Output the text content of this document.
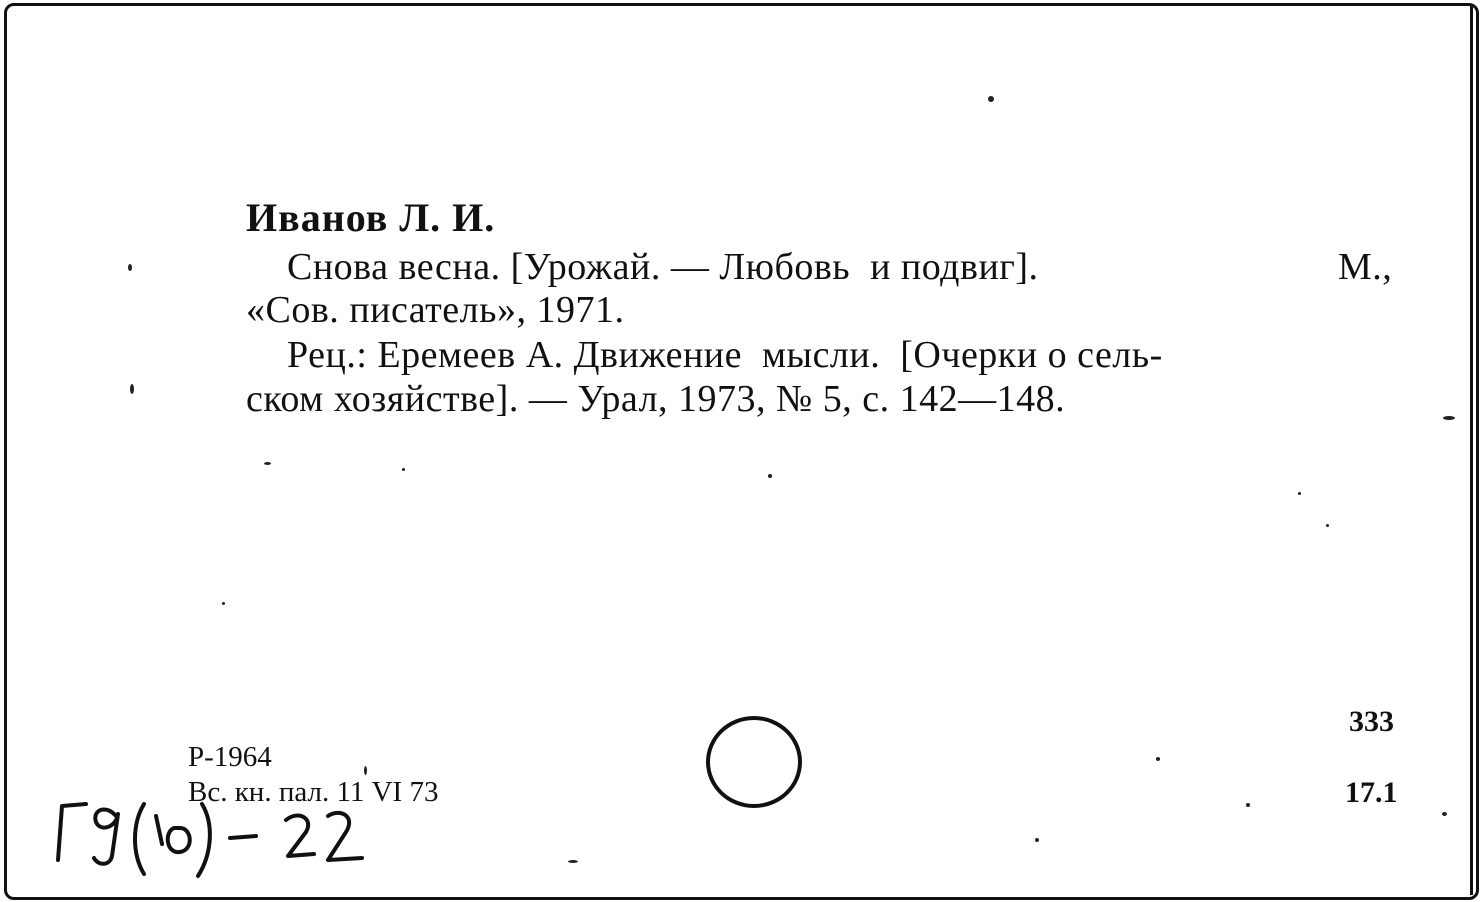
Иванов Л. И.
Снова весна. [Урожай. — Любовь  и подвиг].	М.,
«Сов. писатель», 1971.
Рец.: Еремеев А. Движение  мысли.  [Очерки о сель-
ском хозяйстве]. — Урал, 1973, № 5, с. 142—148.
Р-1964
Вс. кн. пал. 11 VI 73
333
17.1
